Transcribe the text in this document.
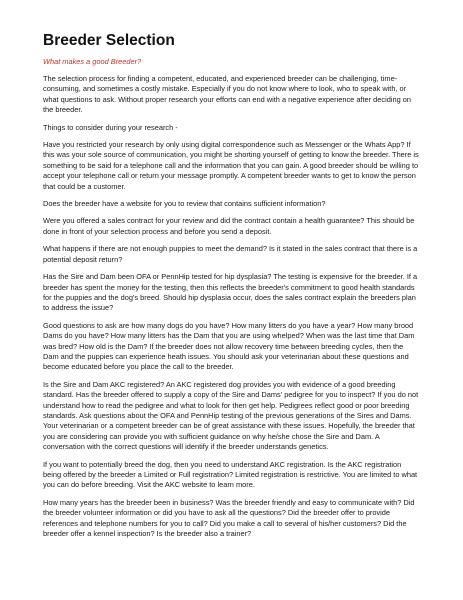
Breeder Selection

What makes a good Breeder?

The selection process for finding a competent, educated, and experienced breeder can be challenging, time-consuming, and sometimes a costly mistake. Especially if you do not know where to look, who to speak with, or what questions to ask. Without proper research your efforts can end with a negative experience after deciding on the breeder.

Things to consider during your research -

Have you restricted your research by only using digital correspondence such as Messenger or the Whats App? If this was your sole source of communication, you might be shorting yourself of getting to know the breeder. There is something to be said for a telephone call and the information that you can gain. A good breeder should be willing to accept your telephone call or return your message promptly. A competent breeder wants to get to know the person that could be a customer.

Does the breeder have a website for you to review that contains sufficient information?

Were you offered a sales contract for your review and did the contract contain a health guarantee? This should be done in front of your selection process and before you send a deposit.

What happens if there are not enough puppies to meet the demand? Is it stated in the sales contract that there is a potential deposit return?

Has the Sire and Dam been OFA or PennHip tested for hip dysplasia? The testing is expensive for the breeder. If a breeder has spent the money for the testing, then this reflects the breeder's commitment to good health standards for the puppies and the dog's breed. Should hip dysplasia occur, does the sales contract explain the breeders plan to address the issue?

Good questions to ask are how many dogs do you have? How many litters do you have a year? How many brood Dams do you have? How many litters has the Dam that you are using whelped? When was the last time that Dam was bred? How old is the Dam? If the breeder does not allow recovery time between breeding cycles, then the Dam and the puppies can experience heath issues. You should ask your veterinarian about these questions and become educated before you place the call to the breeder.

Is the Sire and Dam AKC registered? An AKC registered dog provides you with evidence of a good breeding standard. Has the breeder offered to supply a copy of the Sire and Dams' pedigree for you to inspect? If you do not understand how to read the pedigree and what to look for then get help. Pedigrees reflect good or poor breeding standards. Ask questions about the OFA and PennHip testing of the previous generations of the Sires and Dams. Your veterinarian or a competent breeder can be of great assistance with these issues. Hopefully, the breeder that you are considering can provide you with sufficient guidance on why he/she chose the Sire and Dam. A conversation with the correct questions will identify if the breeder understands genetics.

If you want to potentially breed the dog, then you need to understand AKC registration. Is the AKC registration being offered by the breeder a Limited or Full registration? Limited registration is restrictive. You are limited to what you can do before breeding. Visit the AKC website to learn more.

How many years has the breeder been in business? Was the breeder friendly and easy to communicate with? Did the breeder volunteer information or did you have to ask all the questions? Did the breeder offer to provide references and telephone numbers for you to call? Did you make a call to several of his/her customers? Did the breeder offer a kennel inspection? Is the breeder also a trainer?
